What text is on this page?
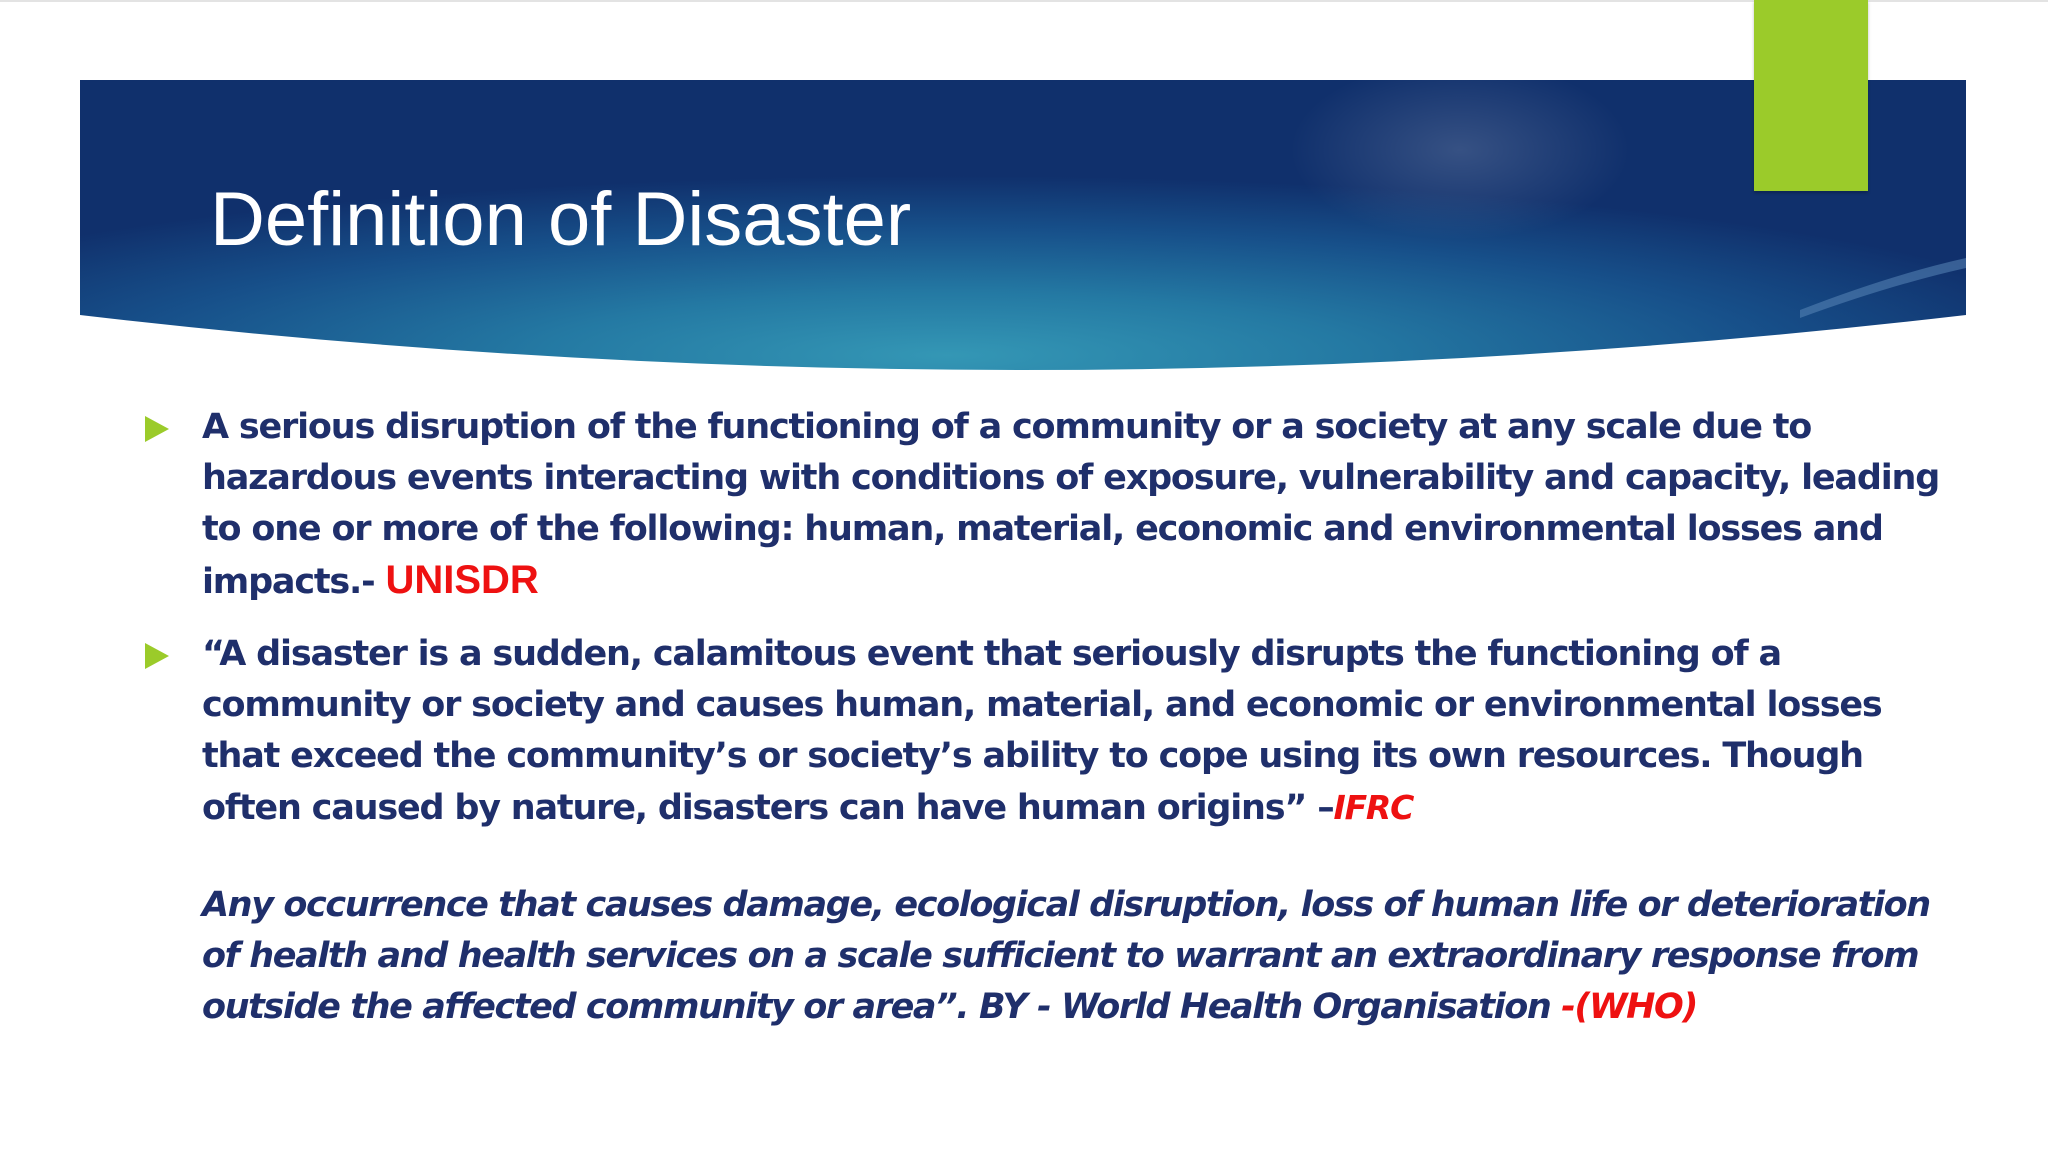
Definition of Disaster
A serious disruption of the functioning of a community or a society at any scale due to hazardous events interacting with conditions of exposure, vulnerability and capacity, leading to one or more of the following: human, material, economic and environmental losses and impacts.- UNISDR
“A disaster is a sudden, calamitous event that seriously disrupts the functioning of a community or society and causes human, material, and economic or environmental losses that exceed the community’s or society’s ability to cope using its own resources. Though often caused by nature, disasters can have human origins” –IFRC
Any occurrence that causes damage, ecological disruption, loss of human life or deterioration of health and health services on a scale sufficient to warrant an extraordinary response from outside the affected community or area”. BY - World Health Organisation -(WHO)
